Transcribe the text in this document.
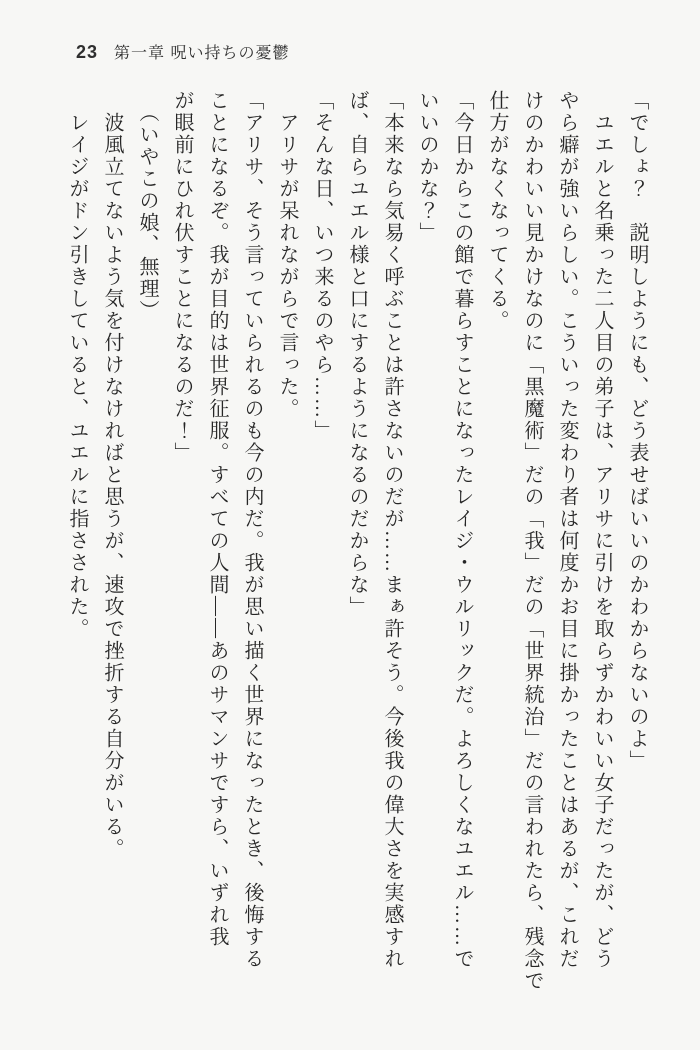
23 第一章 呪い持ちの憂鬱

「でしょ？　説明しようにも、どう表せばいいのかわからないのよ」

　ユエルと名乗った二人目の弟子は、アリサに引けを取らずかわいい女子だったが、どう

やら癖が強いらしい。こういった変わり者は何度かお目に掛かったことはあるが、これだ

けのかわいい見かけなのに「黒魔術」だの「我」だの「世界統治」だの言われたら、残念で

仕方がなくなってくる。

「今日からこの館で暮らすことになったレイジ・ウルリックだ。よろしくなユエル……で

いいのかな？」

「本来なら気易く呼ぶことは許さないのだが……まぁ許そう。今後我の偉大さを実感すれ

ば、自らユエル様と口にするようになるのだからな」

「そんな日、いつ来るのやら……」

　アリサが呆れながらで言った。

「アリサ、そう言っていられるのも今の内だ。我が思い描く世界になったとき、後悔する

ことになるぞ。我が目的は世界征服。すべての人間――あのサマンサですら、いずれ我

が眼前にひれ伏すことになるのだ！」

　（いやこの娘、無理）

　波風立てないよう気を付けなければと思うが、速攻で挫折する自分がいる。

　レイジがドン引きしていると、ユエルに指さされた。
